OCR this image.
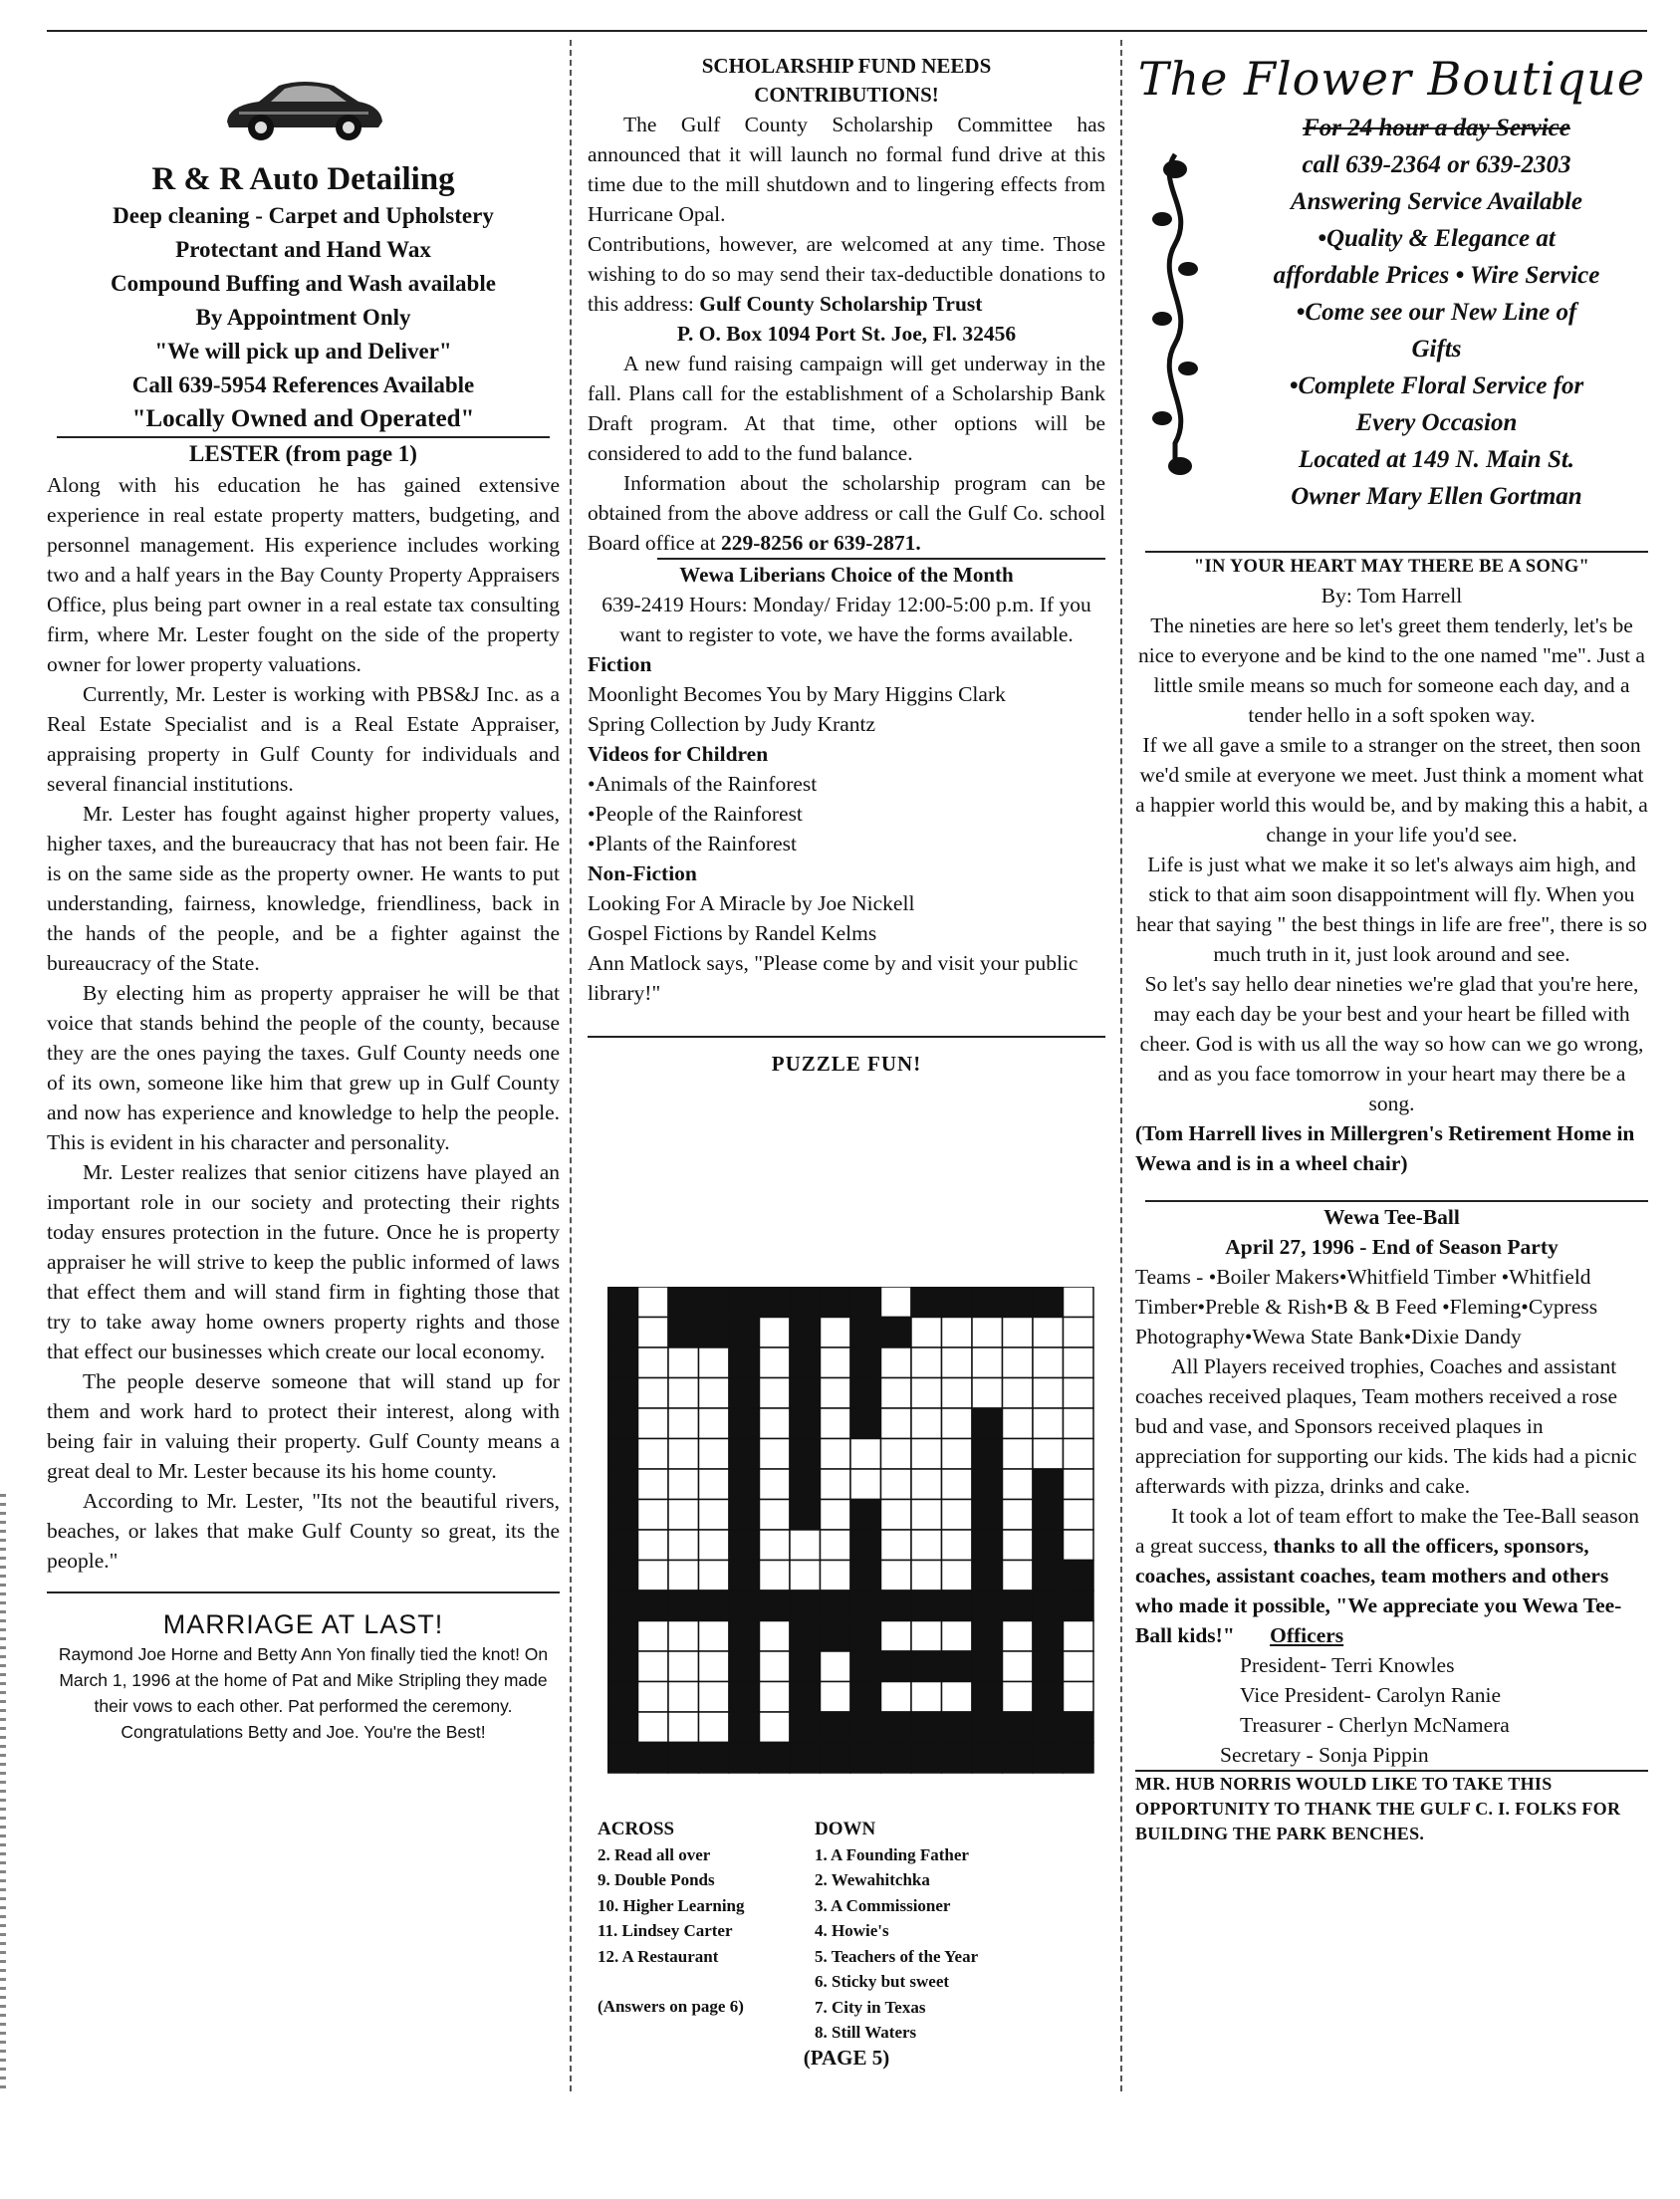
R & R Auto Detailing
Deep cleaning - Carpet and Upholstery
Protectant and Hand Wax
Compound Buffing and Wash available
By Appointment Only
"We will pick up and Deliver"
Call 639-5954 References Available
"Locally Owned and Operated"
LESTER (from page 1)

Along with his education he has gained extensive experience in real estate property matters, budgeting, and personnel management. His experience includes working two and a half years in the Bay County Property Appraisers Office, plus being part owner in a real estate tax consulting firm, where Mr. Lester fought on the side of the property owner for lower property valuations.

Currently, Mr. Lester is working with PBS&J Inc. as a Real Estate Specialist and is a Real Estate Appraiser, appraising property in Gulf County for individuals and several financial institutions.

Mr. Lester has fought against higher property values, higher taxes, and the bureaucracy that has not been fair. He is on the same side as the property owner. He wants to put understanding, fairness, knowledge, friendliness, back in the hands of the people, and be a fighter against the bureaucracy of the State.

By electing him as property appraiser he will be that voice that stands behind the people of the county, because they are the ones paying the taxes. Gulf County needs one of its own, someone like him that grew up in Gulf County and now has experience and knowledge to help the people. This is evident in his character and personality.

Mr. Lester realizes that senior citizens have played an important role in our society and protecting their rights today ensures protection in the future. Once he is property appraiser he will strive to keep the public informed of laws that effect them and will stand firm in fighting those that try to take away home owners property rights and those that effect our businesses which create our local economy.

The people deserve someone that will stand up for them and work hard to protect their interest, along with being fair in valuing their property. Gulf County means a great deal to Mr. Lester because its his home county.

According to Mr. Lester, "Its not the beautiful rivers, beaches, or lakes that make Gulf County so great, its the people."

MARRIAGE AT LAST!
Raymond Joe Horne and Betty Ann Yon finally tied the knot! On March 1, 1996 at the home of Pat and Mike Stripling they made their vows to each other. Pat performed the ceremony. Congratulations Betty and Joe. You're the Best!
SCHOLARSHIP FUND NEEDS
CONTRIBUTIONS!

The Gulf County Scholarship Committee has announced that it will launch no formal fund drive at this time due to the mill shutdown and to lingering effects from Hurricane Opal.

Contributions, however, are welcomed at any time. Those wishing to do so may send their tax-deductible donations to this address: Gulf County Scholarship Trust

P. O. Box 1094 Port St. Joe, Fl. 32456

A new fund raising campaign will get underway in the fall. Plans call for the establishment of a Scholarship Bank Draft program. At that time, other options will be considered to add to the fund balance.

Information about the scholarship program can be obtained from the above address or call the Gulf Co. school Board office at 229-8256 or 639-2871.

Wewa Liberians Choice of the Month
639-2419 Hours: Monday/ Friday 12:00-5:00 p.m. If you want to register to vote, we have the forms available.
Fiction
Moonlight Becomes You by Mary Higgins Clark
Spring Collection by Judy Krantz
Videos for Children
•Animals of the Rainforest
•People of the Rainforest
•Plants of the Rainforest
Non-Fiction
Looking For A Miracle by Joe Nickell
Gospel Fictions by Randel Kelms
Ann Matlock says, "Please come by and visit your public library!"
PUZZLE FUN!
ACROSS
2. Read all over
9. Double Ponds
10. Higher Learning
11. Lindsey Carter
12. A Restaurant
(Answers on page 6)
DOWN
1. A Founding Father
2. Wewahitchka
3. A Commissioner
4. Howie's
5. Teachers of the Year
6. Sticky but sweet
7. City in Texas
8. Still Waters
(PAGE 5)
The Flower Boutique
For 24 hour a day Service
call 639-2364 or 639-2303
Answering Service Available
•Quality & Elegance at
affordable Prices • Wire Service
•Come see our New Line of
Gifts
•Complete Floral Service for
Every Occasion
Located at 149 N. Main St.
Owner Mary Ellen Gortman
"IN YOUR HEART MAY THERE BE A SONG"
By: Tom Harrell

The nineties are here so let's greet them tenderly, let's be nice to everyone and be kind to the one named "me". Just a little smile means so much for someone each day, and a tender hello in a soft spoken way.

If we all gave a smile to a stranger on the street, then soon we'd smile at everyone we meet. Just think a moment what a happier world this would be, and by making this a habit, a change in your life you'd see.

Life is just what we make it so let's always aim high, and stick to that aim soon disappointment will fly. When you hear that saying " the best things in life are free", there is so much truth in it, just look around and see.

So let's say hello dear nineties we're glad that you're here, may each day be your best and your heart be filled with cheer. God is with us all the way so how can we go wrong, and as you face tomorrow in your heart may there be a song.

(Tom Harrell lives in Millergren's Retirement Home in Wewa and is in a wheel chair)

Wewa Tee-Ball
April 27, 1996 - End of Season Party

Teams - •Boiler Makers•Whitfield Timber •Whitfield Timber•Preble & Rish•B & B Feed •Fleming•Cypress Photography•Wewa State Bank•Dixie Dandy

All Players received trophies, Coaches and assistant coaches received plaques, Team mothers received a rose bud and vase, and Sponsors received plaques in appreciation for supporting our kids. The kids had a picnic afterwards with pizza, drinks and cake.

It took a lot of team effort to make the Tee-Ball season a great success, thanks to all the officers, sponsors, coaches, assistant coaches, team mothers and others who made it possible, "We appreciate you Wewa Tee-Ball kids!" Officers

President- Terri Knowles
Vice President- Carolyn Ranie
Treasurer - Cherlyn McNamera
Secretary - Sonja Pippin

MR. HUB NORRIS WOULD LIKE TO TAKE THIS OPPORTUNITY TO THANK THE GULF C. I. FOLKS FOR BUILDING THE PARK BENCHES.
